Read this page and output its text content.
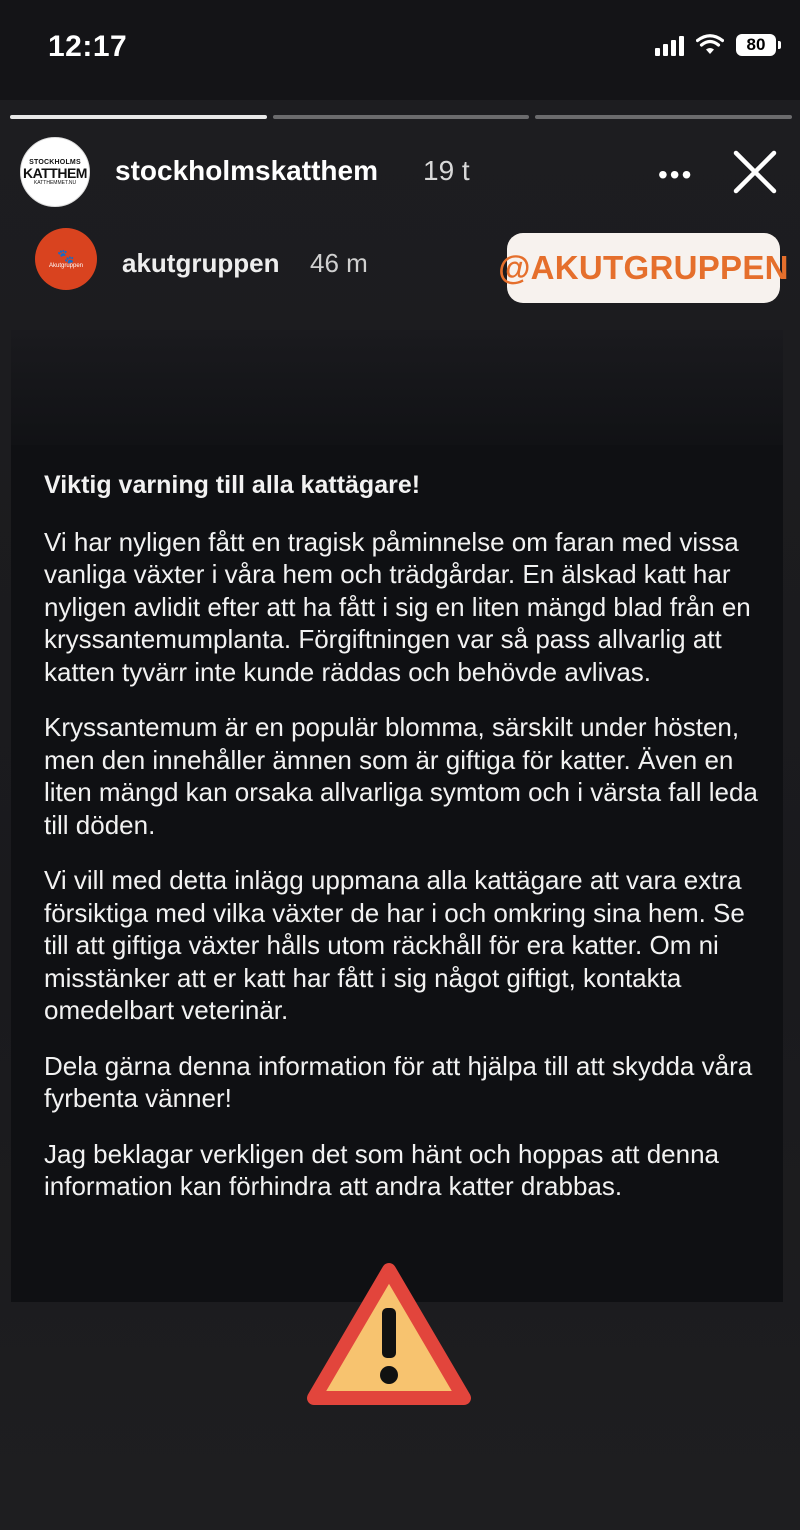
12:17	80
STOCKHOLMS
KATTHEM
KATTHEMMET.NU stockholmskatthem 19 t	•••
🐾
Akutgruppen akutgruppen 46 m	@AKUTGRUPPEN
Viktig varning till alla kattägare!

Vi har nyligen fått en tragisk påminnelse om faran med vissa vanliga växter i våra hem och trädgårdar. En älskad katt har nyligen avlidit efter att ha fått i sig en liten mängd blad från en kryssantemumplanta. Förgiftningen var så pass allvarlig att katten tyvärr inte kunde räddas och behövde avlivas.

Kryssantemum är en populär blomma, särskilt under hösten, men den innehåller ämnen som är giftiga för katter. Även en liten mängd kan orsaka allvarliga symtom och i värsta fall leda till döden.

Vi vill med detta inlägg uppmana alla kattägare att vara extra försiktiga med vilka växter de har i och omkring sina hem. Se till att giftiga växter hålls utom räckhåll för era katter. Om ni misstänker att er katt har fått i sig något giftigt, kontakta omedelbart veterinär.

Dela gärna denna information för att hjälpa till att skydda våra fyrbenta vänner!

Jag beklagar verkligen det som hänt och hoppas att denna information kan förhindra att andra katter drabbas.
